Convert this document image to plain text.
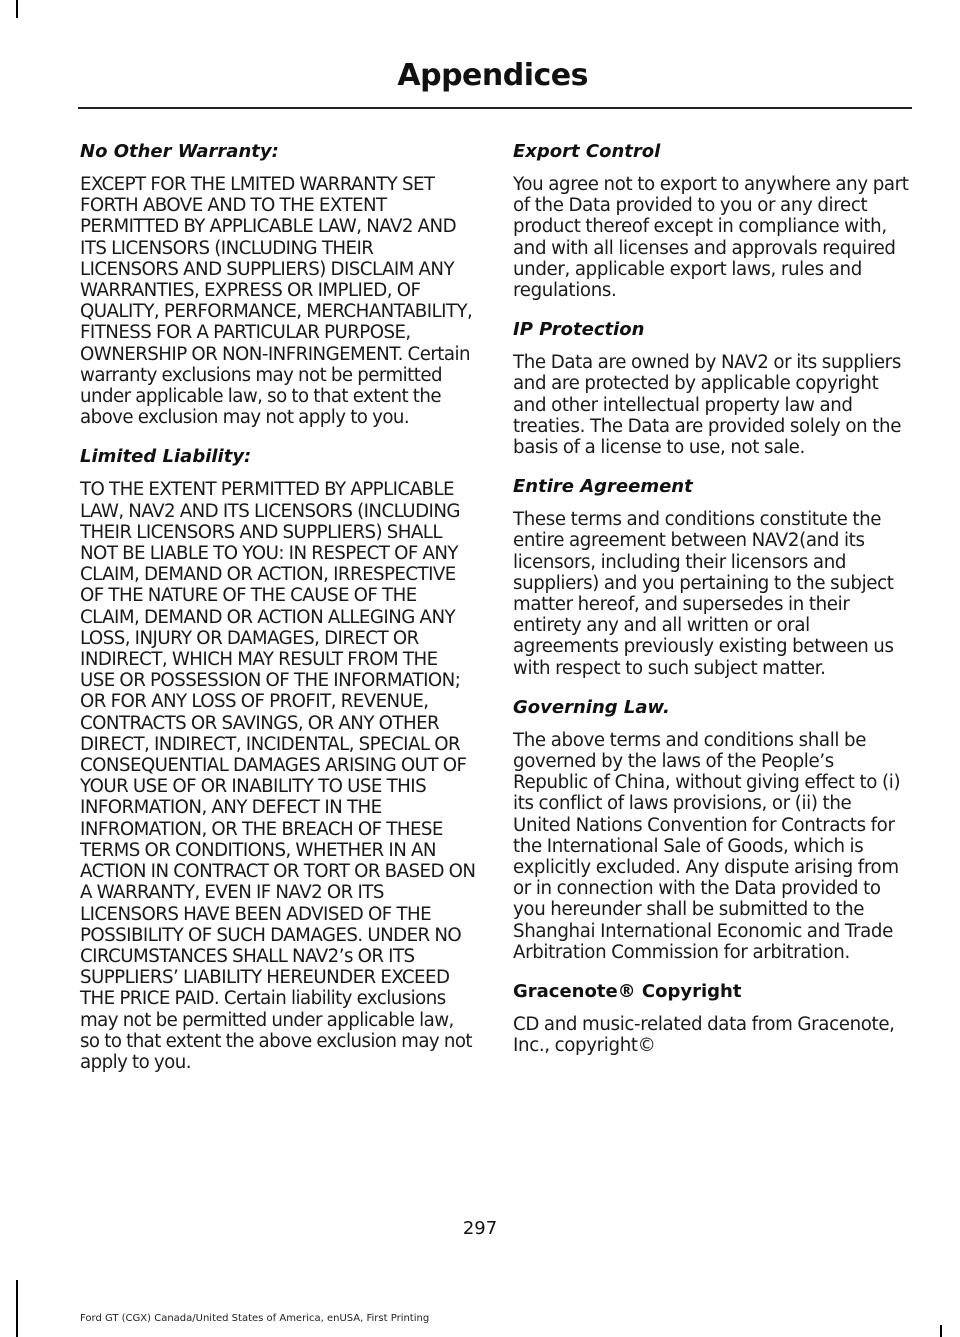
Appendices
No Other Warranty:

EXCEPT FOR THE LMITED WARRANTY SET FORTH ABOVE AND TO THE EXTENT PERMITTED BY APPLICABLE LAW, NAV2 AND ITS LICENSORS (INCLUDING THEIR LICENSORS AND SUPPLIERS) DISCLAIM ANY WARRANTIES, EXPRESS OR IMPLIED, OF QUALITY, PERFORMANCE, MERCHANTABILITY, FITNESS FOR A PARTICULAR PURPOSE, OWNERSHIP OR NON-INFRINGEMENT. Certain warranty exclusions may not be permitted under applicable law, so to that extent the above exclusion may not apply to you.

Limited Liability:

TO THE EXTENT PERMITTED BY APPLICABLE LAW, NAV2 AND ITS LICENSORS (INCLUDING THEIR LICENSORS AND SUPPLIERS) SHALL NOT BE LIABLE TO YOU: IN RESPECT OF ANY CLAIM, DEMAND OR ACTION, IRRESPECTIVE OF THE NATURE OF THE CAUSE OF THE CLAIM, DEMAND OR ACTION ALLEGING ANY LOSS, INJURY OR DAMAGES, DIRECT OR INDIRECT, WHICH MAY RESULT FROM THE USE OR POSSESSION OF THE INFORMATION; OR FOR ANY LOSS OF PROFIT, REVENUE, CONTRACTS OR SAVINGS, OR ANY OTHER DIRECT, INDIRECT, INCIDENTAL, SPECIAL OR CONSEQUENTIAL DAMAGES ARISING OUT OF YOUR USE OF OR INABILITY TO USE THIS INFORMATION, ANY DEFECT IN THE INFROMATION, OR THE BREACH OF THESE TERMS OR CONDITIONS, WHETHER IN AN ACTION IN CONTRACT OR TORT OR BASED ON A WARRANTY, EVEN IF NAV2 OR ITS LICENSORS HAVE BEEN ADVISED OF THE POSSIBILITY OF SUCH DAMAGES. UNDER NO CIRCUMSTANCES SHALL NAV2’s OR ITS SUPPLIERS’ LIABILITY HEREUNDER EXCEED THE PRICE PAID. Certain liability exclusions may not be permitted under applicable law, so to that extent the above exclusion may not apply to you.

Export Control

You agree not to export to anywhere any part of the Data provided to you or any direct product thereof except in compliance with, and with all licenses and approvals required under, applicable export laws, rules and regulations.

IP Protection

The Data are owned by NAV2 or its suppliers and are protected by applicable copyright and other intellectual property law and treaties. The Data are provided solely on the basis of a license to use, not sale.

Entire Agreement

These terms and conditions constitute the entire agreement between NAV2(and its licensors, including their licensors and suppliers) and you pertaining to the subject matter hereof, and supersedes in their entirety any and all written or oral agreements previously existing between us with respect to such subject matter.

Governing Law.

The above terms and conditions shall be governed by the laws of the People’s Republic of China, without giving effect to (i) its conflict of laws provisions, or (ii) the United Nations Convention for Contracts for the International Sale of Goods, which is explicitly excluded. Any dispute arising from or in connection with the Data provided to you hereunder shall be submitted to the Shanghai International Economic and Trade Arbitration Commission for arbitration.

Gracenote® Copyright

CD and music-related data from Gracenote, Inc., copyright©

297
Ford GT (CGX) Canada/United States of America, enUSA, First Printing
